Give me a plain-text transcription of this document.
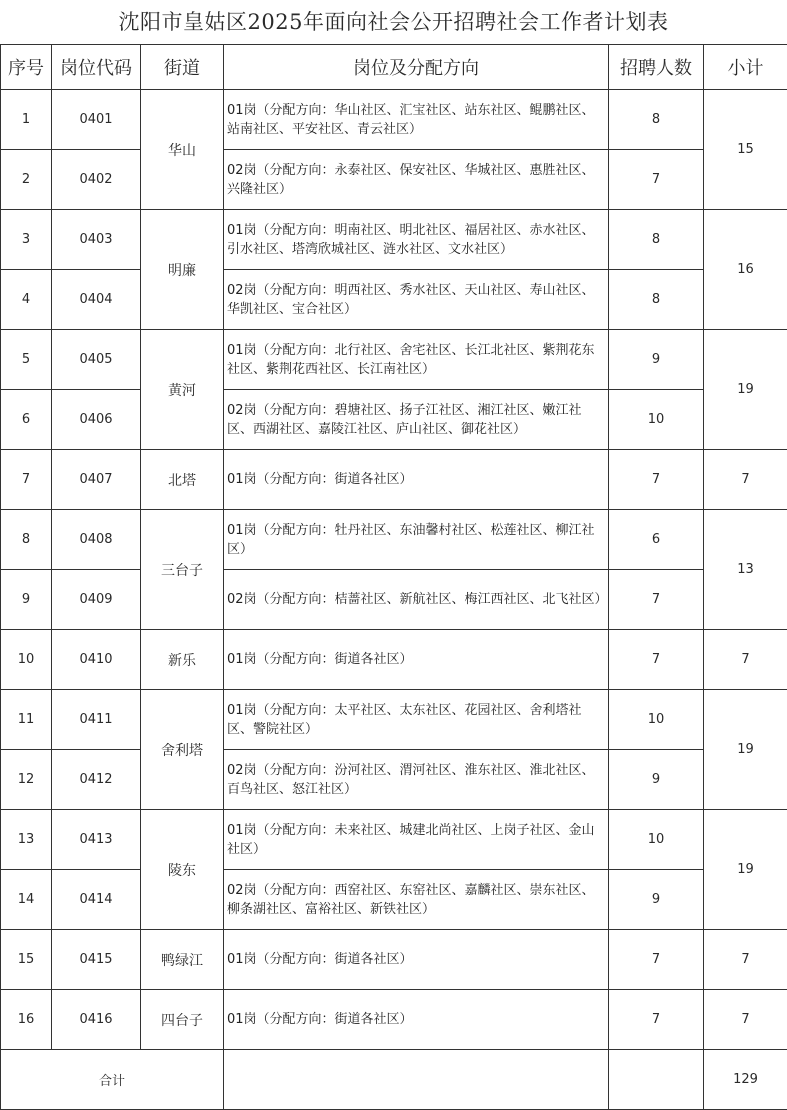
沈阳市皇姑区2025年面向社会公开招聘社会工作者计划表
序号	岗位代码	街道	岗位及分配方向	招聘人数	小计
1	0401	华山	01岗（分配方向：华山社区、汇宝社区、站东社区、鲲鹏社区、站南社区、平安社区、青云社区）	8	15
2	0402		02岗（分配方向：永泰社区、保安社区、华城社区、惠胜社区、兴隆社区）	7	
3	0403	明廉	01岗（分配方向：明南社区、明北社区、福居社区、赤水社区、引水社区、塔湾欣城社区、涟水社区、文水社区）	8	16
4	0404		02岗（分配方向：明西社区、秀水社区、天山社区、寿山社区、华凯社区、宝合社区）	8	
5	0405	黄河	01岗（分配方向：北行社区、舍宅社区、长江北社区、紫荆花东社区、紫荆花西社区、长江南社区）	9	19
6	0406		02岗（分配方向：碧塘社区、扬子江社区、湘江社区、嫩江社区、西湖社区、嘉陵江社区、庐山社区、御花社区）	10	
7	0407	北塔	01岗（分配方向：街道各社区）	7	7
8	0408	三台子	01岗（分配方向：牡丹社区、东油馨村社区、松莲社区、柳江社区）	6	13
9	0409		02岗（分配方向：桔蔷社区、新航社区、梅江西社区、北飞社区）	7	
10	0410	新乐	01岗（分配方向：街道各社区）	7	7
11	0411	舍利塔	01岗（分配方向：太平社区、太东社区、花园社区、舍利塔社区、警院社区）	10	19
12	0412		02岗（分配方向：汾河社区、渭河社区、淮东社区、淮北社区、百鸟社区、怒江社区）	9	
13	0413	陵东	01岗（分配方向：未来社区、城建北尚社区、上岗子社区、金山社区）	10	19
14	0414		02岗（分配方向：西窑社区、东窑社区、嘉麟社区、崇东社区、柳条湖社区、富裕社区、新铁社区）	9	
15	0415	鸭绿江	01岗（分配方向：街道各社区）	7	7
16	0416	四台子	01岗（分配方向：街道各社区）	7	7
合计					129
